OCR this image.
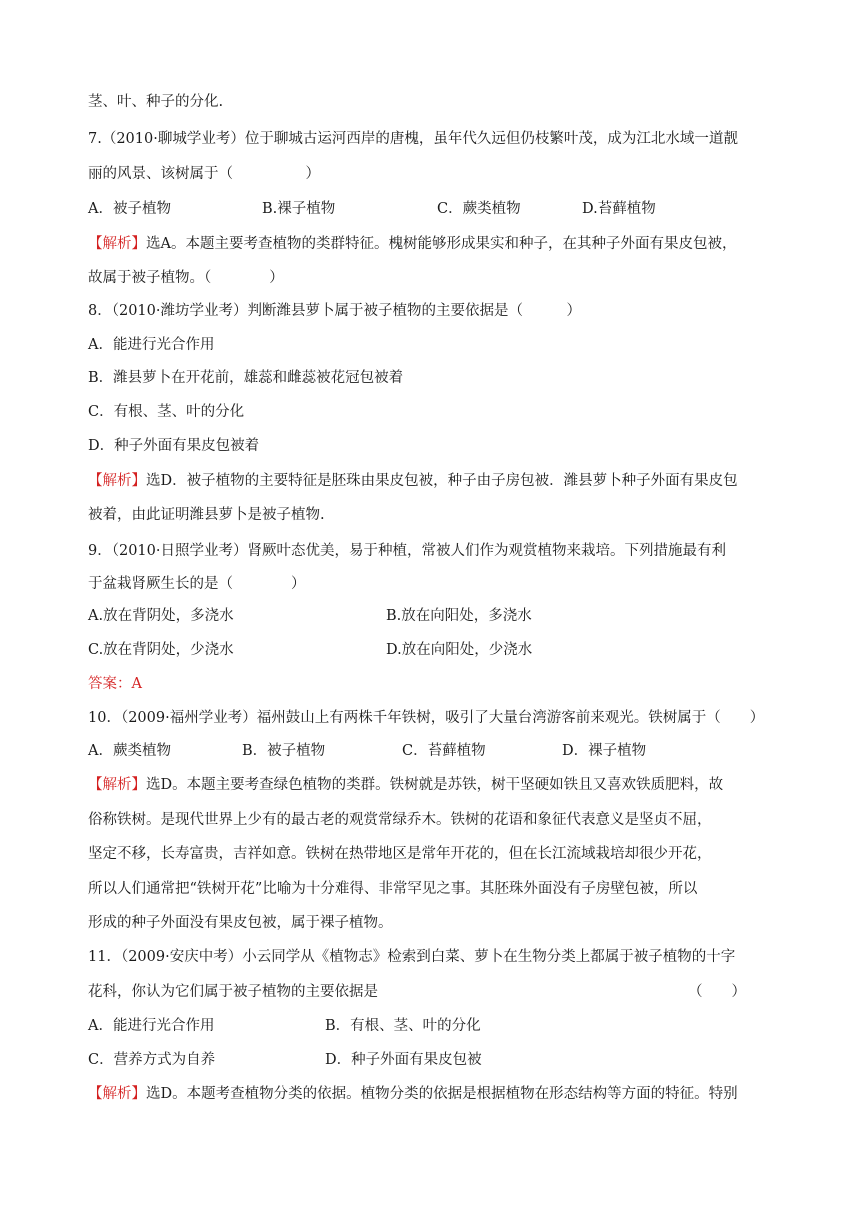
茎、叶、种子的分化.
7.（2010·聊城学业考）位于聊城古运河西岸的唐槐，虽年代久远但仍枝繁叶茂，成为江北水域一道靓
丽的风景、该树属于（　　　　　）
A．被子植物	B.裸子植物	C．蕨类植物	D.苔藓植物
【解析】选A。本题主要考查植物的类群特征。槐树能够形成果实和种子，在其种子外面有果皮包被，
故属于被子植物。（　　　　）
8．（2010·潍坊学业考）判断潍县萝卜属于被子植物的主要依据是（　　　）
A．能进行光合作用
B．潍县萝卜在开花前，雄蕊和雌蕊被花冠包被着
C．有根、茎、叶的分化
D．种子外面有果皮包被着
【解析】选D．被子植物的主要特征是胚珠由果皮包被，种子由子房包被．潍县萝卜种子外面有果皮包
被着，由此证明潍县萝卜是被子植物.
9．（2010·日照学业考）肾厥叶态优美，易于种植，常被人们作为观赏植物来栽培。下列措施最有利
于盆栽肾厥生长的是（　　　　）
A.放在背阴处，多浇水	B.放在向阳处，多浇水
C.放在背阴处，少浇水	D.放在向阳处，少浇水
答案：A
10．（2009·福州学业考）福州鼓山上有两株千年铁树，吸引了大量台湾游客前来观光。铁树属于（　　）
A．蕨类植物	B．被子植物	C．苔藓植物	D．裸子植物
【解析】选D。本题主要考查绿色植物的类群。铁树就是苏铁，树干坚硬如铁且又喜欢铁质肥料，故
俗称铁树。是现代世界上少有的最古老的观赏常绿乔木。铁树的花语和象征代表意义是坚贞不屈，
坚定不移，长寿富贵，吉祥如意。铁树在热带地区是常年开花的，但在长江流域栽培却很少开花，
所以人们通常把“铁树开花”比喻为十分难得、非常罕见之事。其胚珠外面没有子房壁包被，所以
形成的种子外面没有果皮包被，属于裸子植物。
11．（2009·安庆中考）小云同学从《植物志》检索到白菜、萝卜在生物分类上都属于被子植物的十字
花科，你认为它们属于被子植物的主要依据是	（　　）
A．能进行光合作用	B．有根、茎、叶的分化
C．营养方式为自养	D．种子外面有果皮包被
【解析】选D。本题考查植物分类的依据。植物分类的依据是根据植物在形态结构等方面的特征。特别
